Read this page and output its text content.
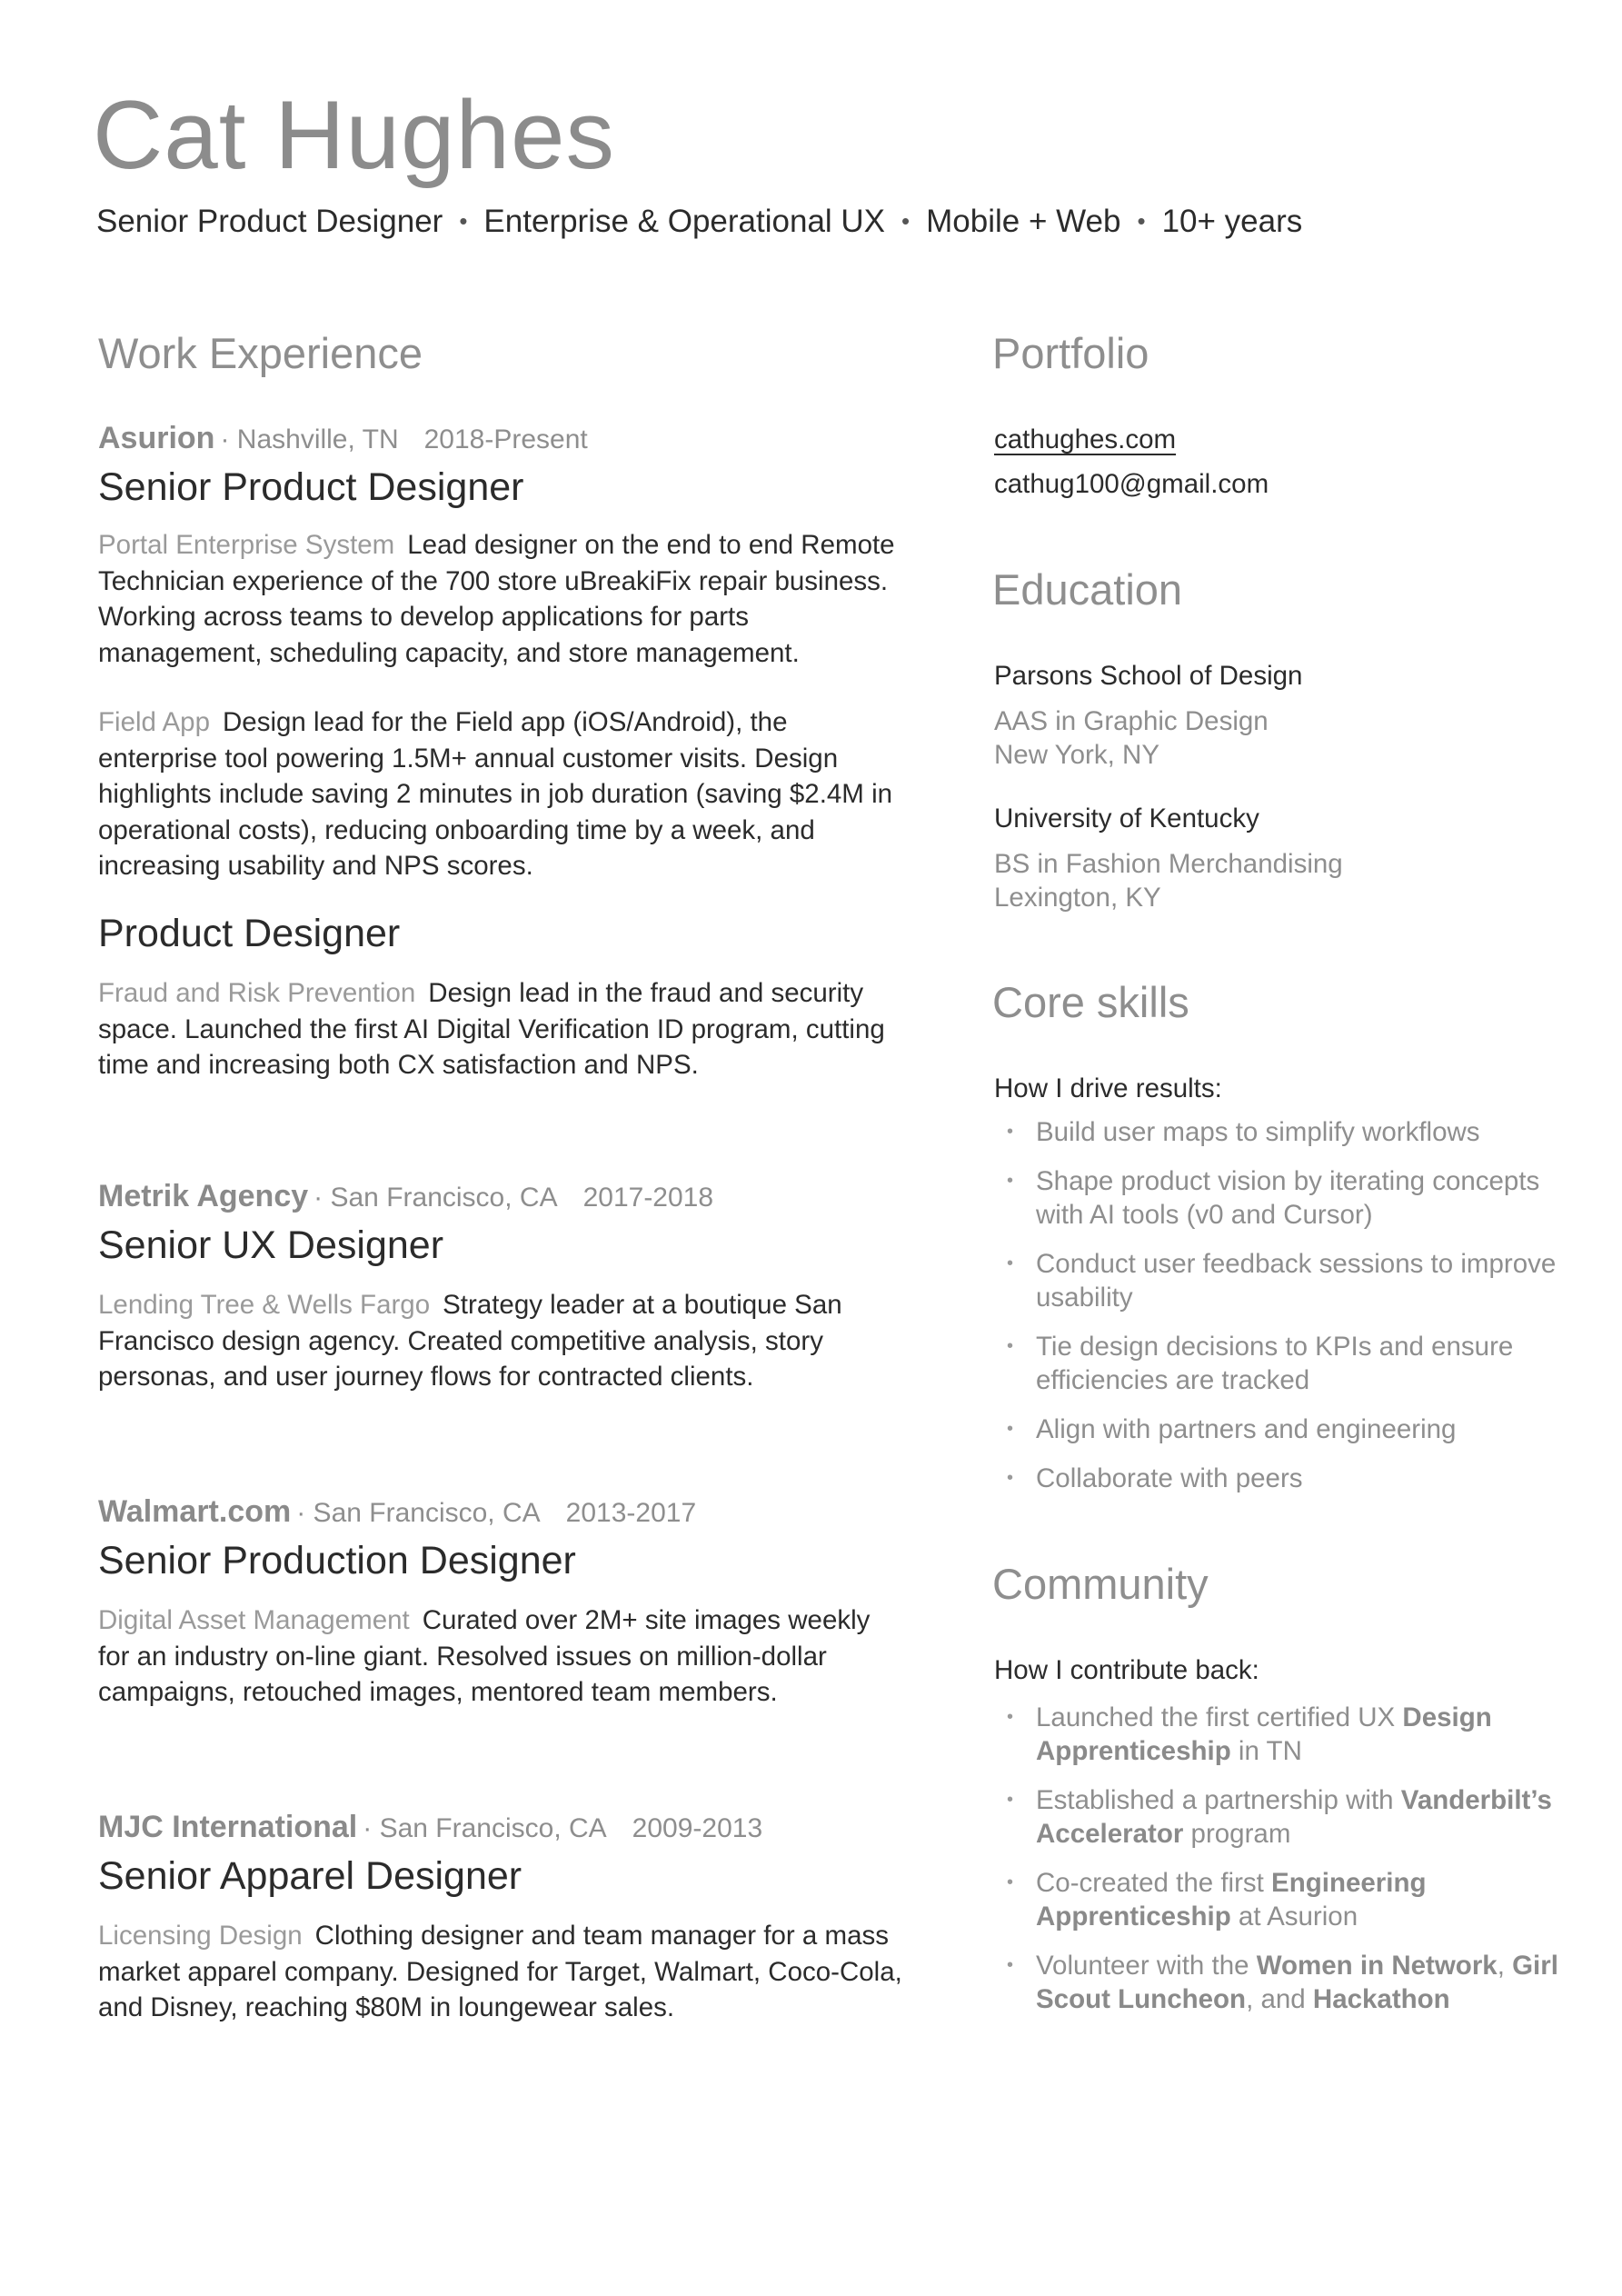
Cat Hughes
Senior Product Designer • Enterprise & Operational UX • Mobile + Web • 10+ years
Work Experience
Asurion · Nashville, TN 2018-Present
Senior Product Designer

Portal Enterprise System Lead designer on the end to end Remote Technician experience of the 700 store uBreakiFix repair business. Working across teams to develop applications for parts management, scheduling capacity, and store management.

Field App Design lead for the Field app (iOS/Android), the enterprise tool powering 1.5M+ annual customer visits. Design highlights include saving 2 minutes in job duration (saving $2.4M in operational costs), reducing onboarding time by a week, and increasing usability and NPS scores.

Product Designer

Fraud and Risk Prevention Design lead in the fraud and security space. Launched the first AI Digital Verification ID program, cutting time and increasing both CX satisfaction and NPS.

Metrik Agency · San Francisco, CA 2017-2018
Senior UX Designer

Lending Tree & Wells Fargo Strategy leader at a boutique San Francisco design agency. Created competitive analysis, story personas, and user journey flows for contracted clients.

Walmart.com · San Francisco, CA 2013-2017
Senior Production Designer

Digital Asset Management Curated over 2M+ site images weekly for an industry on-line giant. Resolved issues on million-dollar campaigns, retouched images, mentored team members.

MJC International · San Francisco, CA 2009-2013
Senior Apparel Designer

Licensing Design Clothing designer and team manager for a mass market apparel company. Designed for Target, Walmart, Coco-Cola, and Disney, reaching $80M in loungewear sales.

Portfolio
cathughes.com
cathug100@gmail.com
Education
Parsons School of Design
AAS in Graphic Design
New York, NY
University of Kentucky
BS in Fashion Merchandising
Lexington, KY
Core skills
How I drive results:
• Build user maps to simplify workflows
• Shape product vision by iterating concepts with AI tools (v0 and Cursor)
• Conduct user feedback sessions to improve usability
• Tie design decisions to KPIs and ensure efficiencies are tracked
• Align with partners and engineering
• Collaborate with peers
Community
How I contribute back:
• Launched the first certified UX Design Apprenticeship in TN
• Established a partnership with Vanderbilt’s Accelerator program
• Co-created the first Engineering Apprenticeship at Asurion
• Volunteer with the Women in Network, Girl Scout Luncheon, and Hackathon
